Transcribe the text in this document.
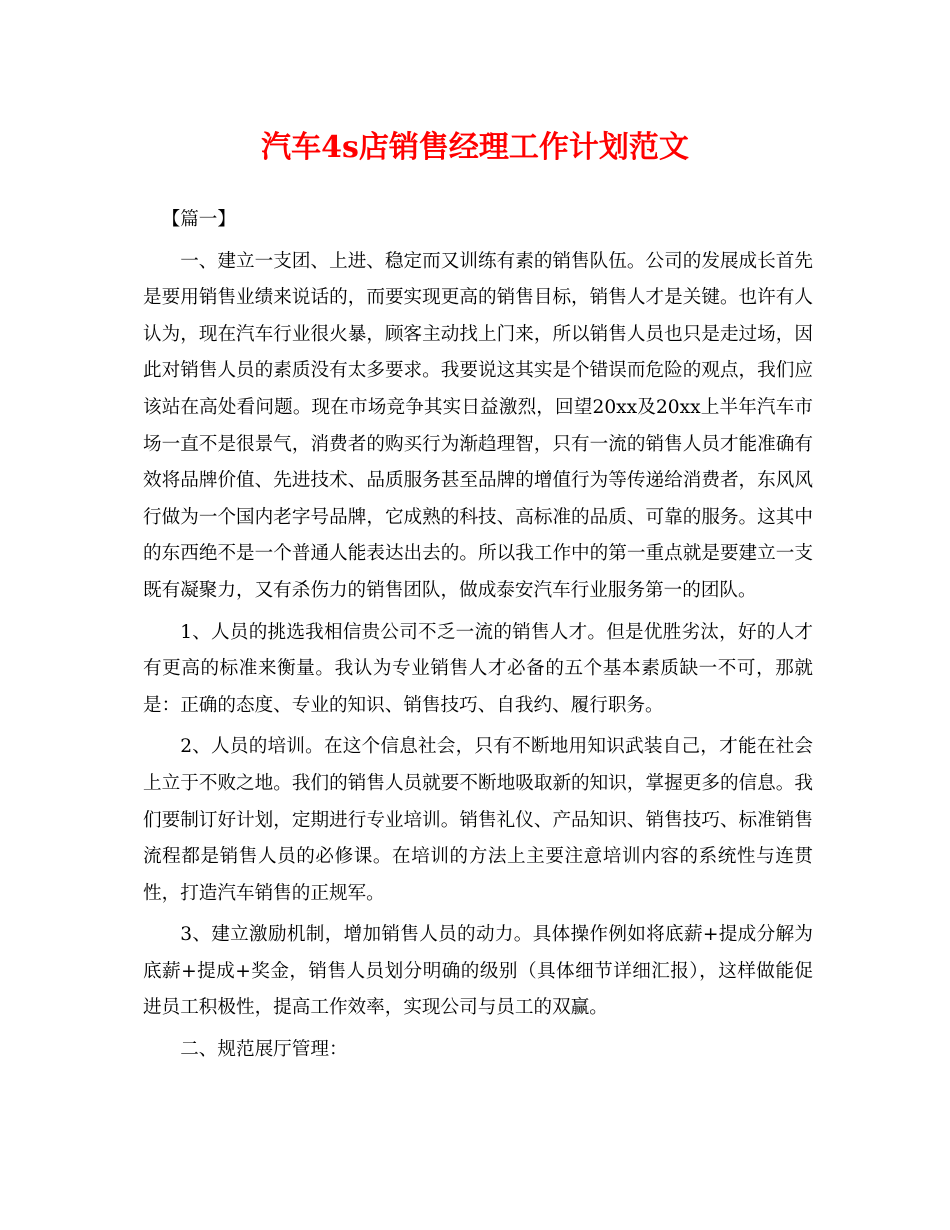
汽车4s店销售经理工作计划范文

【篇一】

一、建立一支团、上进、稳定而又训练有素的销售队伍。公司的发展成长首先是要用销售业绩来说话的，而要实现更高的销售目标，销售人才是关键。也许有人认为，现在汽车行业很火暴，顾客主动找上门来，所以销售人员也只是走过场，因此对销售人员的素质没有太多要求。我要说这其实是个错误而危险的观点，我们应该站在高处看问题。现在市场竞争其实日益激烈，回望20xx及20xx上半年汽车市场一直不是很景气，消费者的购买行为渐趋理智，只有一流的销售人员才能准确有效将品牌价值、先进技术、品质服务甚至品牌的增值行为等传递给消费者，东风风行做为一个国内老字号品牌，它成熟的科技、高标准的品质、可靠的服务。这其中的东西绝不是一个普通人能表达出去的。所以我工作中的第一重点就是要建立一支既有凝聚力，又有杀伤力的销售团队，做成泰安汽车行业服务第一的团队。

1、人员的挑选我相信贵公司不乏一流的销售人才。但是优胜劣汰，好的人才有更高的标准来衡量。我认为专业销售人才必备的五个基本素质缺一不可，那就是：正确的态度、专业的知识、销售技巧、自我约、履行职务。

2、人员的培训。在这个信息社会，只有不断地用知识武装自己，才能在社会上立于不败之地。我们的销售人员就要不断地吸取新的知识，掌握更多的信息。我们要制订好计划，定期进行专业培训。销售礼仪、产品知识、销售技巧、标准销售流程都是销售人员的必修课。在培训的方法上主要注意培训内容的系统性与连贯性，打造汽车销售的正规军。

3、建立激励机制，增加销售人员的动力。具体操作例如将底薪+提成分解为底薪+提成+奖金，销售人员划分明确的级别（具体细节详细汇报），这样做能促进员工积极性，提高工作效率，实现公司与员工的双赢。

二、规范展厅管理：
